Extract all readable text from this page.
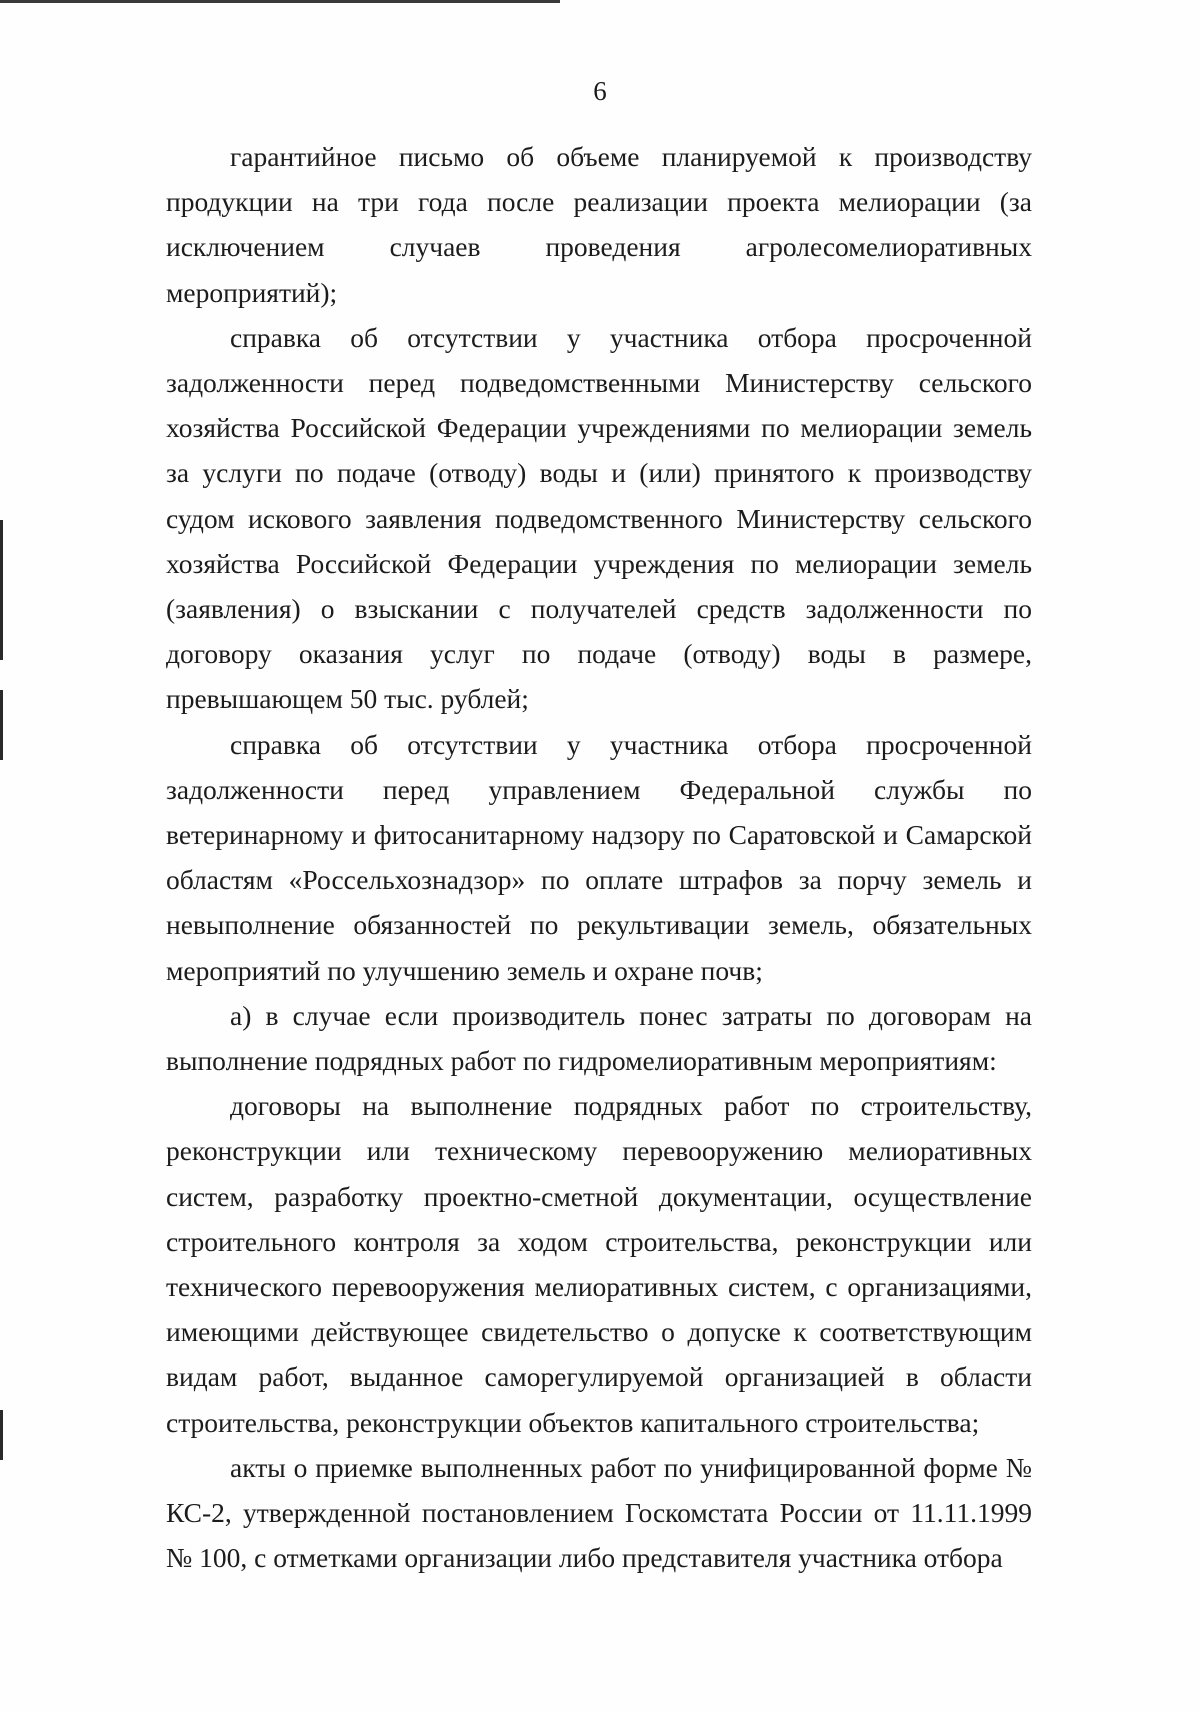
6

гарантийное письмо об объеме планируемой к производству продукции на три года после реализации проекта мелиорации (за исключением случаев проведения агролесомелиоративных мероприятий);

справка об отсутствии у участника отбора просроченной задолженности перед подведомственными Министерству сельского хозяйства Российской Федерации учреждениями по мелиорации земель за услуги по подаче (отводу) воды и (или) принятого к производству судом искового заявления подведомственного Министерству сельского хозяйства Российской Федерации учреждения по мелиорации земель (заявления) о взыскании с получателей средств задолженности по договору оказания услуг по подаче (отводу) воды в размере, превышающем 50 тыс. рублей;

справка об отсутствии у участника отбора просроченной задолженности перед управлением Федеральной службы по ветеринарному и фитосанитарному надзору по Саратовской и Самарской областям «Россельхознадзор» по оплате штрафов за порчу земель и невыполнение обязанностей по рекультивации земель, обязательных мероприятий по улучшению земель и охране почв;

а) в случае если производитель понес затраты по договорам на выполнение подрядных работ по гидромелиоративным мероприятиям:

договоры на выполнение подрядных работ по строительству, реконструкции или техническому перевооружению мелиоративных систем, разработку проектно-сметной документации, осуществление строительного контроля за ходом строительства, реконструкции или технического перевооружения мелиоративных систем, с организациями, имеющими действующее свидетельство о допуске к соответствующим видам работ, выданное саморегулируемой организацией в области строительства, реконструкции объектов капитального строительства;

акты о приемке выполненных работ по унифицированной форме № КС-2, утвержденной постановлением Госкомстата России от 11.11.1999 № 100, с отметками организации либо представителя участника отбора
